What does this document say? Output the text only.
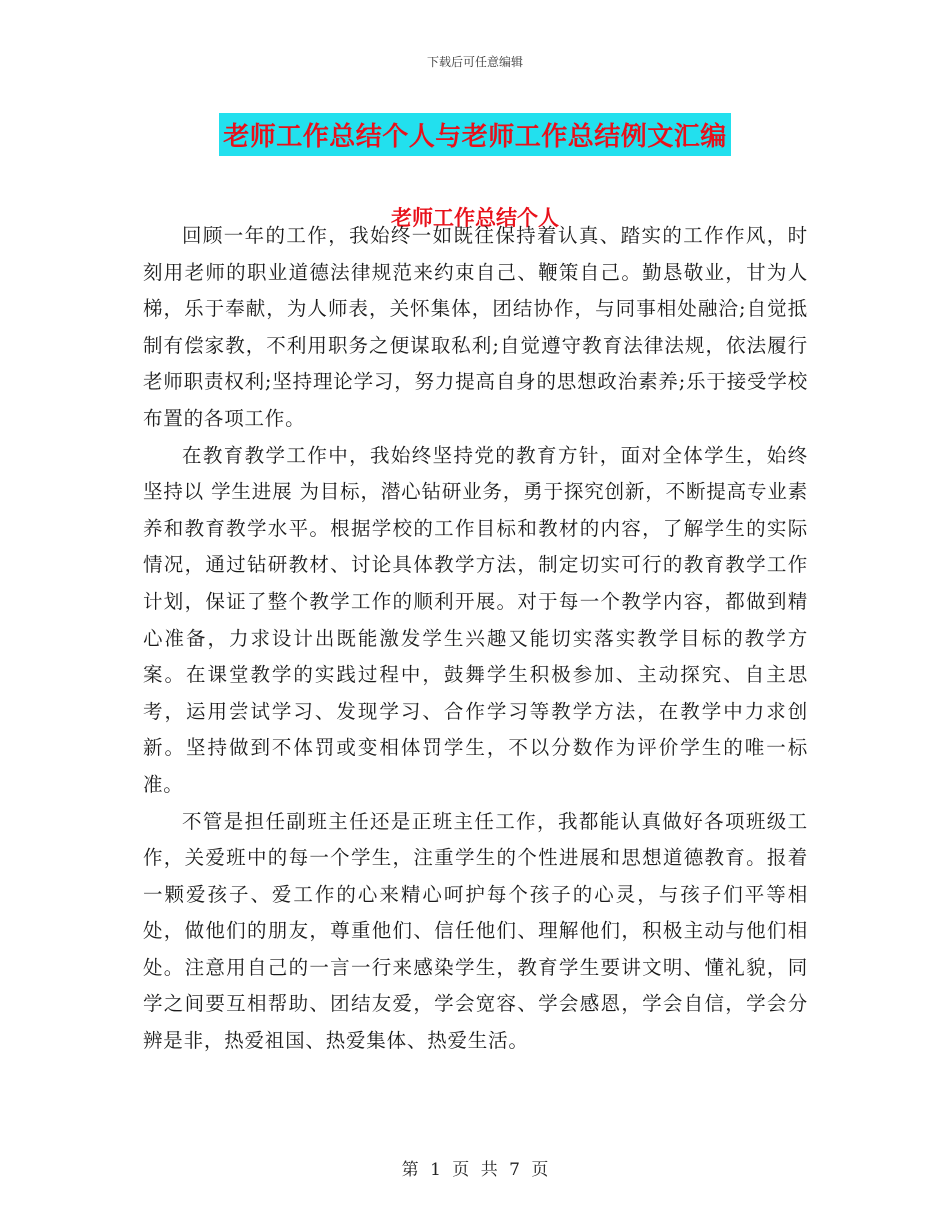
下载后可任意编辑
老师工作总结个人与老师工作总结例文汇编
老师工作总结个人

回顾一年的工作，我始终一如既往保持着认真、踏实的工作作风，时刻用老师的职业道德法律规范来约束自己、鞭策自己。勤恳敬业，甘为人梯，乐于奉献，为人师表，关怀集体，团结协作，与同事相处融洽;自觉抵制有偿家教，不利用职务之便谋取私利;自觉遵守教育法律法规，依法履行老师职责权利;坚持理论学习，努力提高自身的思想政治素养;乐于接受学校布置的各项工作。

在教育教学工作中，我始终坚持党的教育方针，面对全体学生，始终坚持以 学生进展 为目标，潜心钻研业务，勇于探究创新，不断提高专业素养和教育教学水平。根据学校的工作目标和教材的内容，了解学生的实际情况，通过钻研教材、讨论具体教学方法，制定切实可行的教育教学工作计划，保证了整个教学工作的顺利开展。对于每一个教学内容，都做到精心准备，力求设计出既能激发学生兴趣又能切实落实教学目标的教学方案。在课堂教学的实践过程中，鼓舞学生积极参加、主动探究、自主思考，运用尝试学习、发现学习、合作学习等教学方法，在教学中力求创新。坚持做到不体罚或变相体罚学生，不以分数作为评价学生的唯一标准。

不管是担任副班主任还是正班主任工作，我都能认真做好各项班级工作，关爱班中的每一个学生，注重学生的个性进展和思想道德教育。报着一颗爱孩子、爱工作的心来精心呵护每个孩子的心灵，与孩子们平等相处，做他们的朋友，尊重他们、信任他们、理解他们，积极主动与他们相处。注意用自己的一言一行来感染学生，教育学生要讲文明、懂礼貌，同学之间要互相帮助、团结友爱，学会宽容、学会感恩，学会自信，学会分辨是非，热爱祖国、热爱集体、热爱生活。

第 1 页 共 7 页
